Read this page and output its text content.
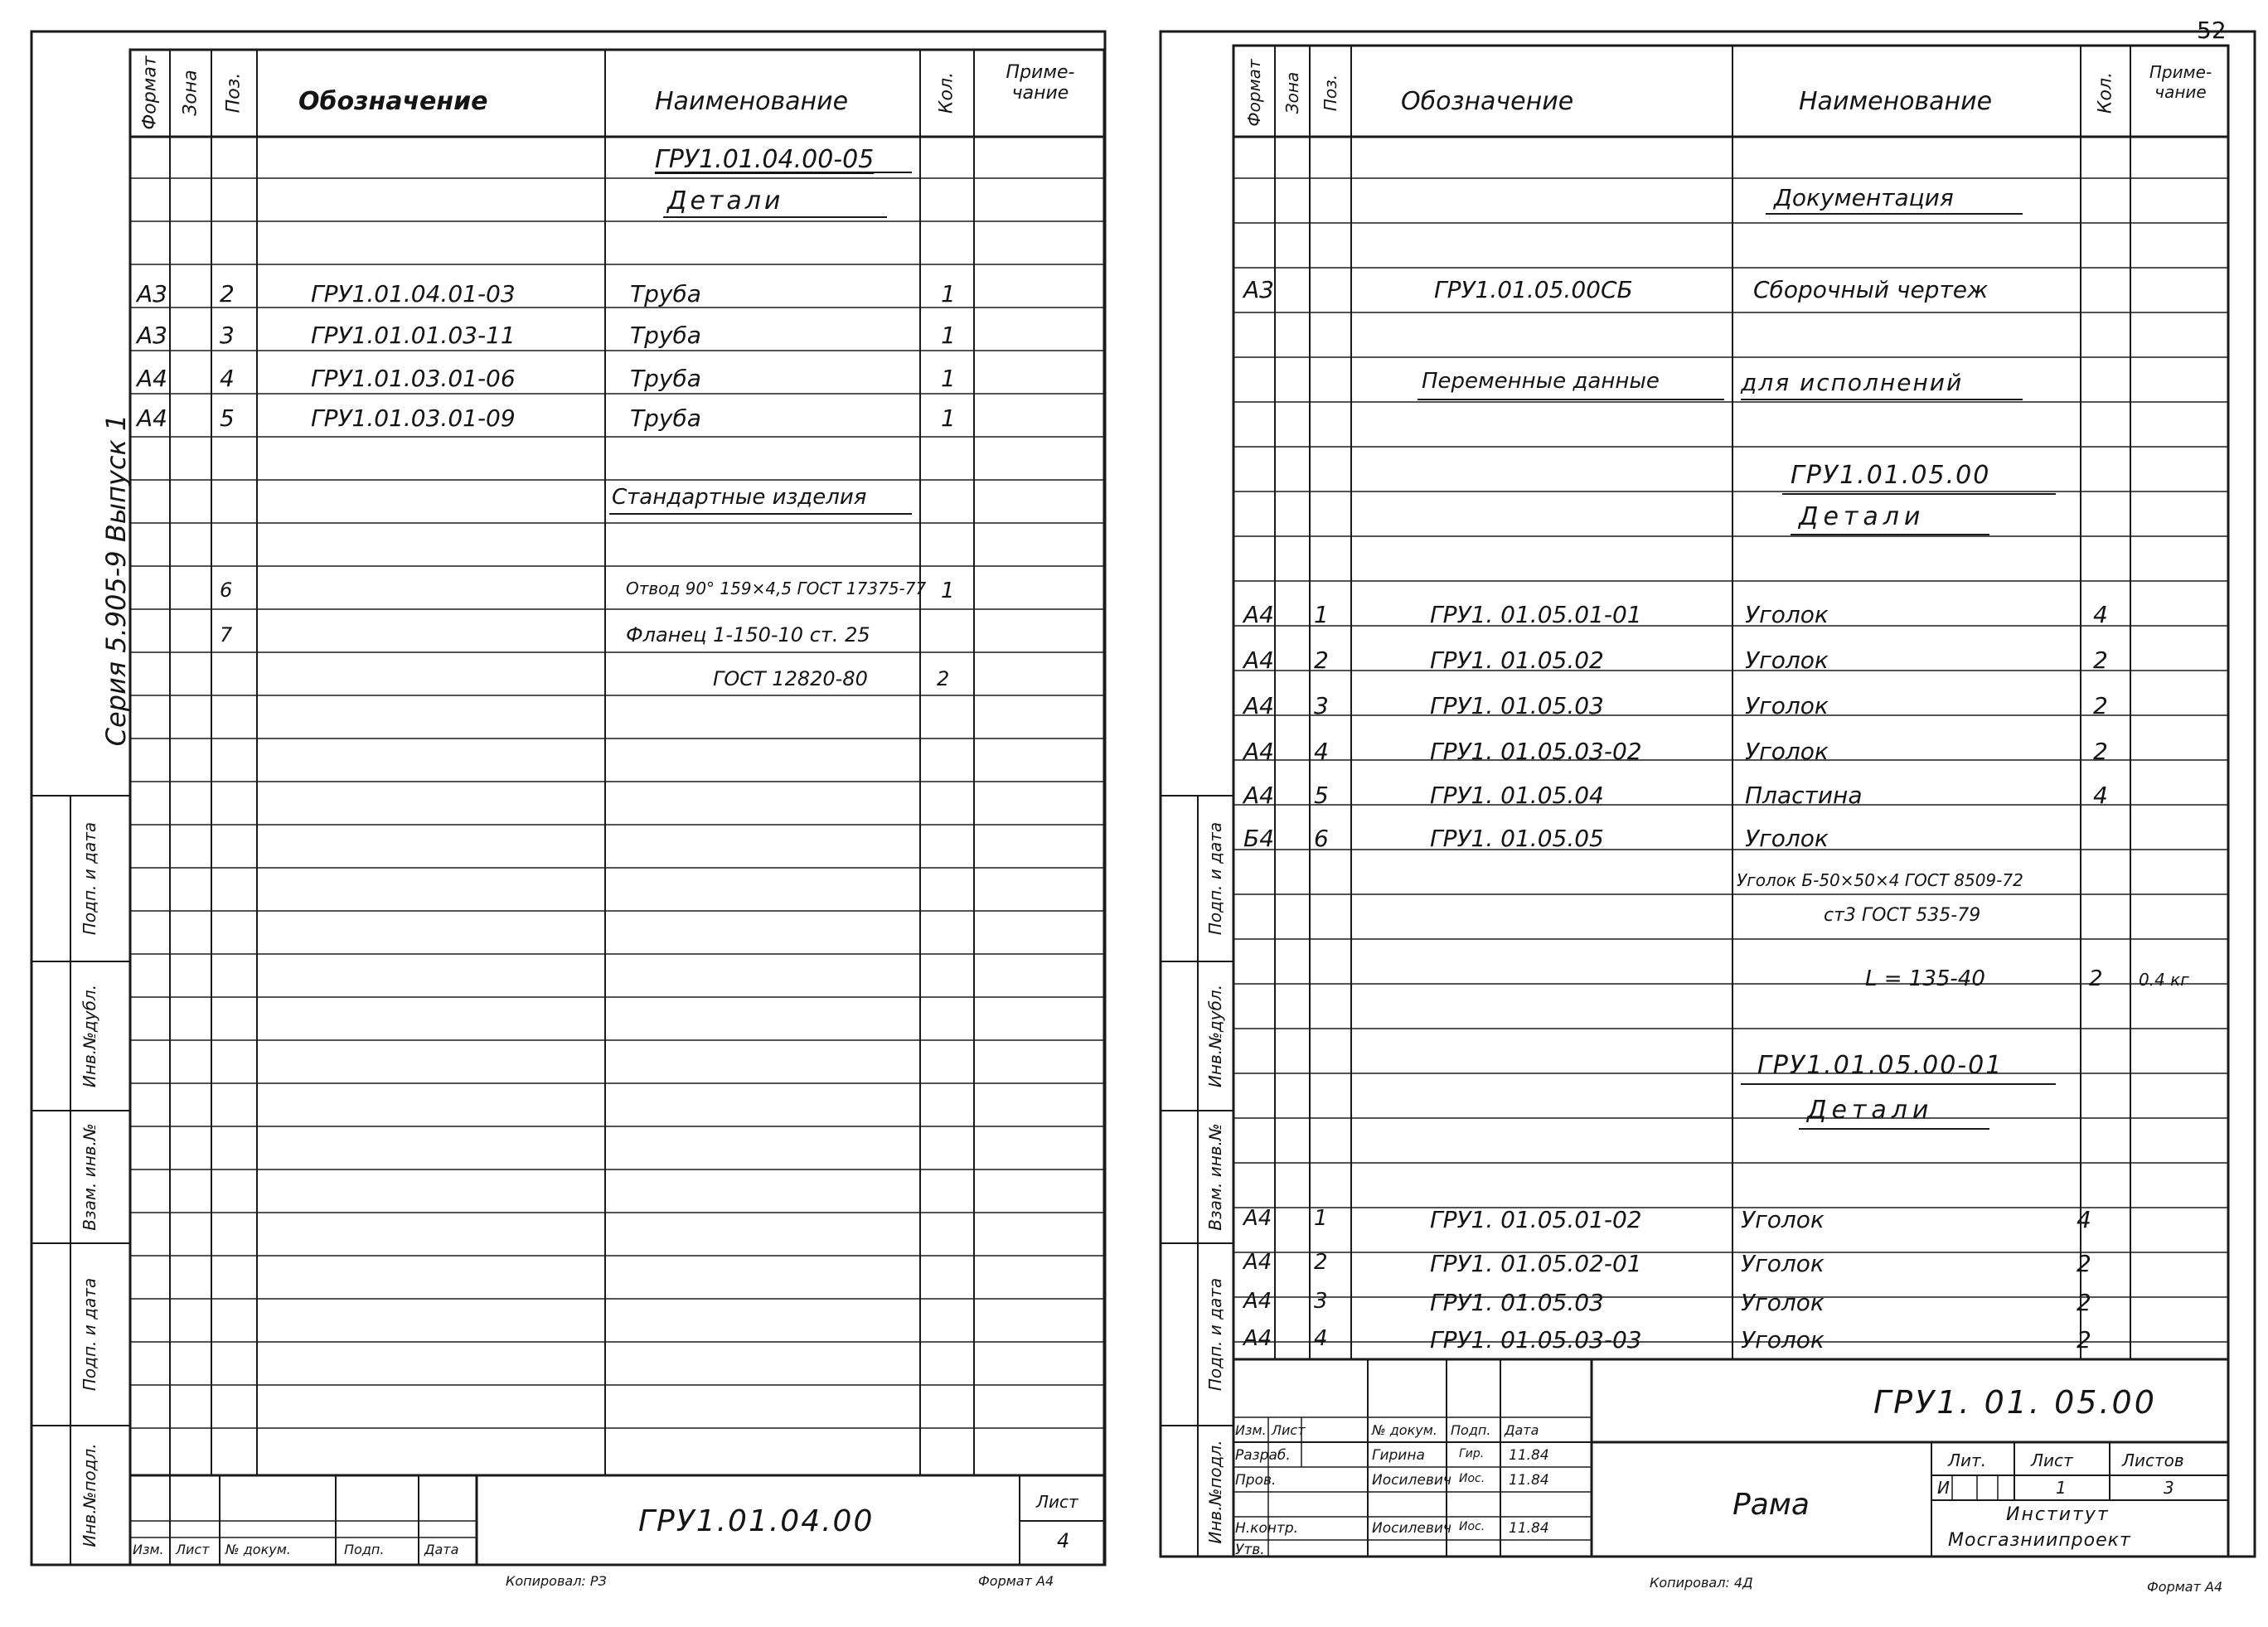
52
Формат Зона Поз. Обозначение	Наименование	Кол.	Приме-чание
ГРУ1.01.04.00-05
Детали
А3 2	ГРУ1.01.04.01-03	Труба	1
А3 3	ГРУ1.01.01.03-11	Труба	1
А4 4	ГРУ1.01.03.01-06	Труба	1
А4 5	ГРУ1.01.03.01-09	Труба	1
Стандартные изделия
6	Отвод 90° 159×4,5 ГОСТ 17375-77 1
7	Фланец 1-150-10 ст. 25
ГОСТ 12820-80	2
Серия 5.905-9 Выпуск 1
Подп. и дата
Инв.№дубл.
Взам. инв.№
Подп. и дата
Инв.№подл.
Изм. Лист № докум.	Подп.	Дата
ГРУ1.01.04.00
Лист
4
Копировал: РЗ	Формат А4
Формат Зона Поз. Обозначение	Наименование	Кол.	Приме-чание
Документация
А3	ГРУ1.01.05.00СБ	Сборочный чертеж
Переменные данные	для исполнений
ГРУ1.01.05.00
Детали
А4 1	ГРУ1. 01.05.01-01	Уголок	4
А4 2	ГРУ1. 01.05.02	Уголок	2
А4 3	ГРУ1. 01.05.03	Уголок	2
А4 4	ГРУ1. 01.05.03-02	Уголок	2
А4 5	ГРУ1. 01.05.04	Пластина	4
Б4 6	ГРУ1. 01.05.05	Уголок
Уголок Б-50×50×4 ГОСТ 8509-72
ст3 ГОСТ 535-79
L = 135-40	2 0.4 кг
ГРУ1.01.05.00-01
Детали
А4 1	ГРУ1. 01.05.01-02	Уголок	4
А4 2	ГРУ1. 01.05.02-01	Уголок	2
А4 3	ГРУ1. 01.05.03	Уголок	2
А4 4	ГРУ1. 01.05.03-03	Уголок	2
Подп. и дата
Инв.№дубл.
Взам. инв.№
Подп. и дата
Инв.№подл.
ГРУ1. 01. 05.00
Рама
Изм. Лист	№ докум. Подп. Дата
Разраб.	Гирина	Гир. 11.84
Пров.	Иосилевич Иос. 11.84
Н.контр.	Иосилевич Иос. 11.84
Утв.
Лит.	Лист	Листов
И	1	3
Институт
Мосгазниипроект
Копировал: 4Д	Формат А4
